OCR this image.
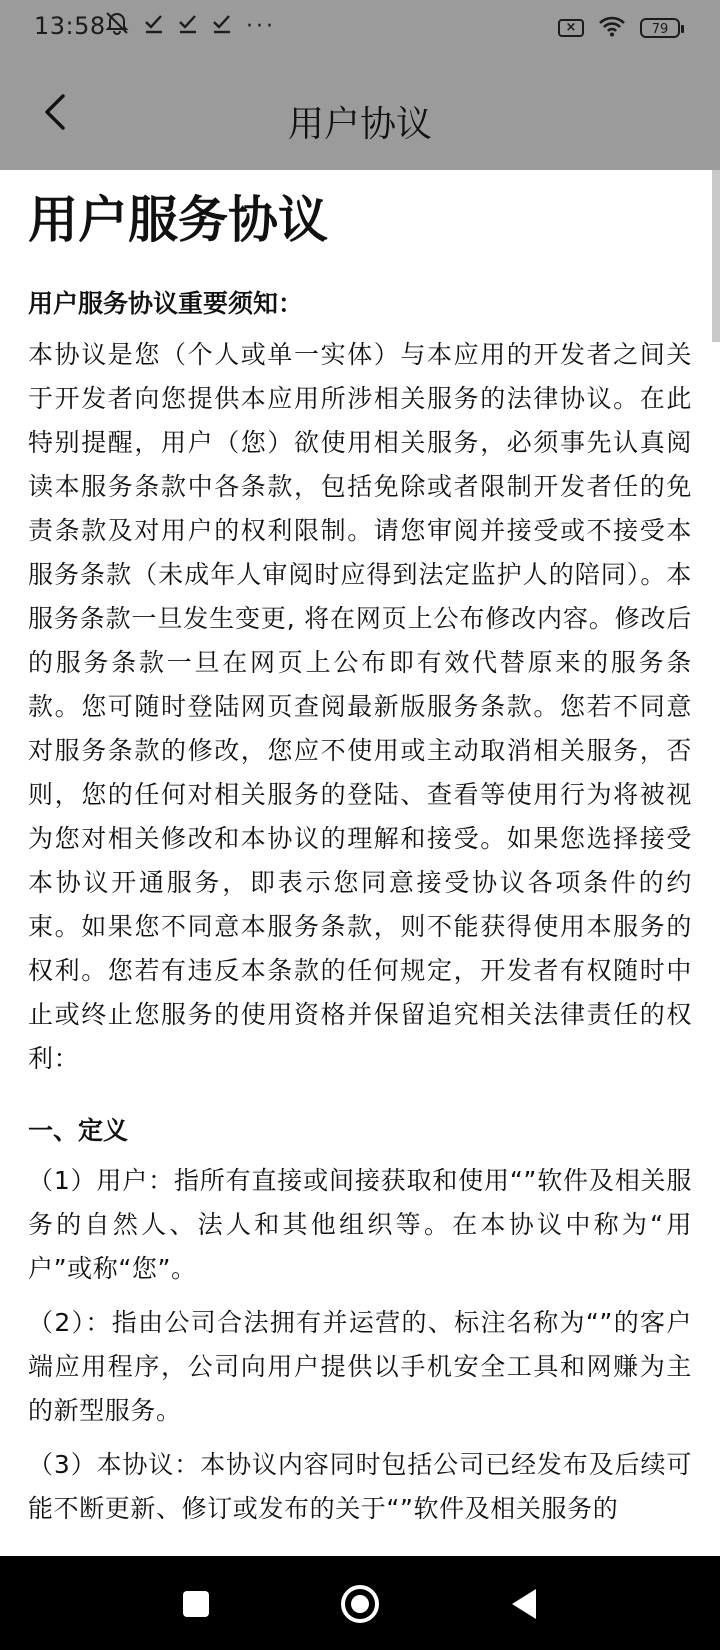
13:58	···	×	79
用户协议
用户服务协议
用户服务协议重要须知：

本协议是您（个人或单一实体）与本应用的开发者之间关于开发者向您提供本应用所涉相关服务的法律协议。在此特别提醒，用户（您）欲使用相关服务，必须事先认真阅读本服务条款中各条款，包括免除或者限制开发者任的免责条款及对用户的权利限制。请您审阅并接受或不接受本服务条款（未成年人审阅时应得到法定监护人的陪同）。本服务条款一旦发生变更, 将在网页上公布修改内容。修改后的服务条款一旦在网页上公布即有效代替原来的服务条款。您可随时登陆网页查阅最新版服务条款。您若不同意对服务条款的修改，您应不使用或主动取消相关服务，否则，您的任何对相关服务的登陆、查看等使用行为将被视为您对相关修改和本协议的理解和接受。如果您选择接受本协议开通服务，即表示您同意接受协议各项条件的约束。如果您不同意本服务条款，则不能获得使用本服务的权利。您若有违反本条款的任何规定，开发者有权随时中止或终止您服务的使用资格并保留追究相关法律责任的权利：

一、定义

（1）用户：指所有直接或间接获取和使用“”软件及相关服务的自然人、法人和其他组织等。在本协议中称为“用户”或称“您”。

（2）：指由公司合法拥有并运营的、标注名称为“”的客户端应用程序，公司向用户提供以手机安全工具和网赚为主的新型服务。

（3）本协议：本协议内容同时包括公司已经发布及后续可能不断更新、修订或发布的关于“”软件及相关服务的
